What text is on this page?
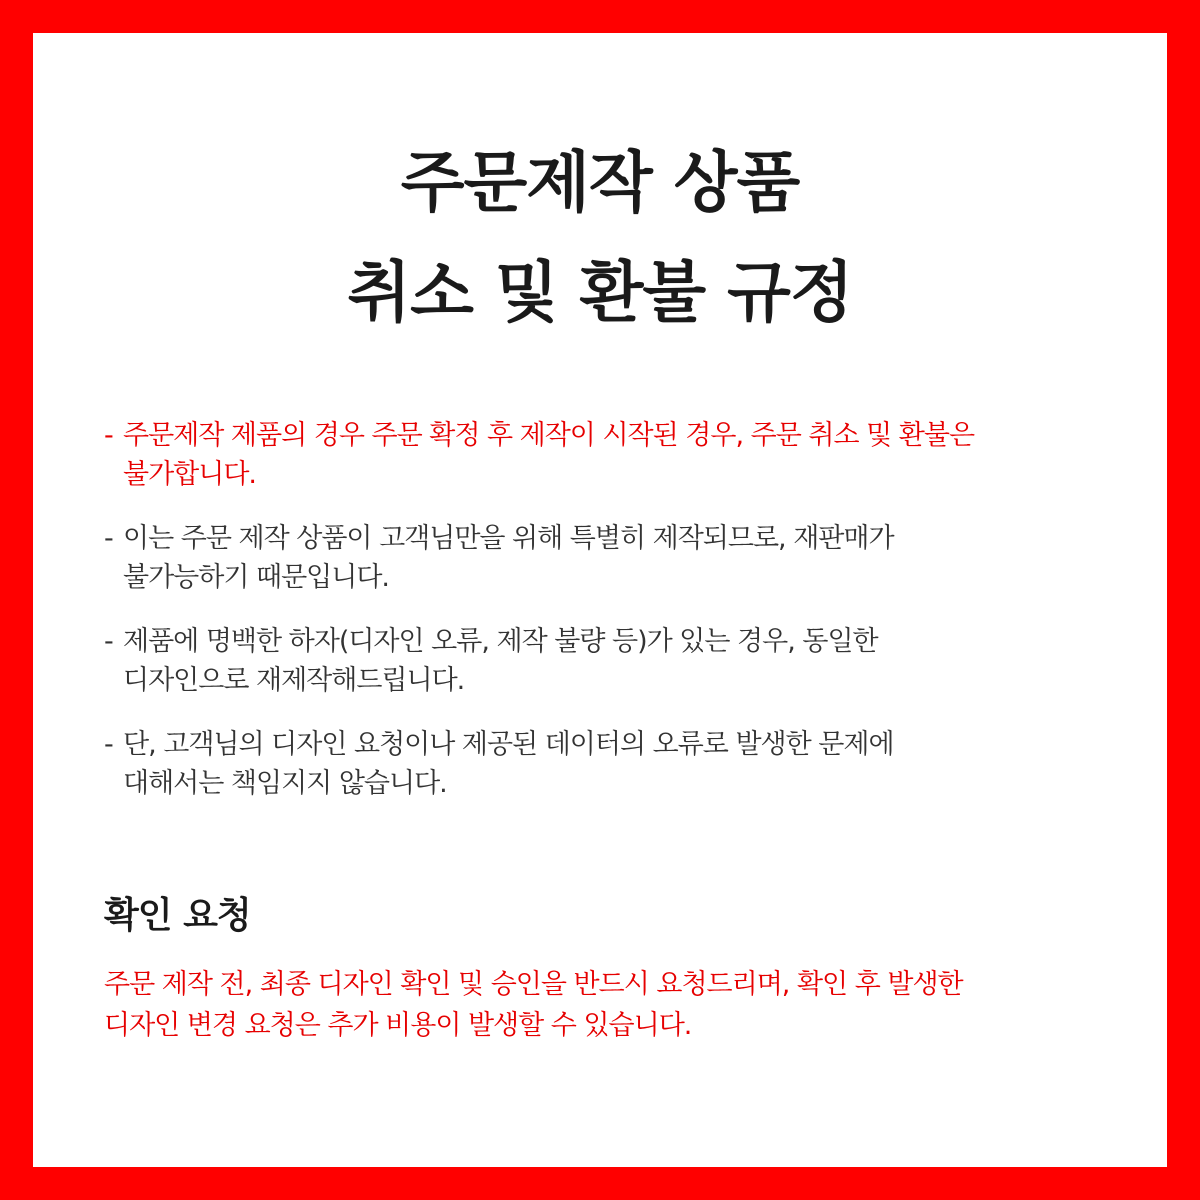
주문제작 상품
취소 및 환불 규정
- 주문제작 제품의 경우 주문 확정 후 제작이 시작된 경우, 주문 취소 및 환불은
불가합니다.
- 이는 주문 제작 상품이 고객님만을 위해 특별히 제작되므로, 재판매가
불가능하기 때문입니다.
- 제품에 명백한 하자(디자인 오류, 제작 불량 등)가 있는 경우, 동일한
디자인으로 재제작해드립니다.
- 단, 고객님의 디자인 요청이나 제공된 데이터의 오류로 발생한 문제에
대해서는 책임지지 않습니다.
확인 요청

주문 제작 전, 최종 디자인 확인 및 승인을 반드시 요청드리며, 확인 후 발생한
디자인 변경 요청은 추가 비용이 발생할 수 있습니다.
